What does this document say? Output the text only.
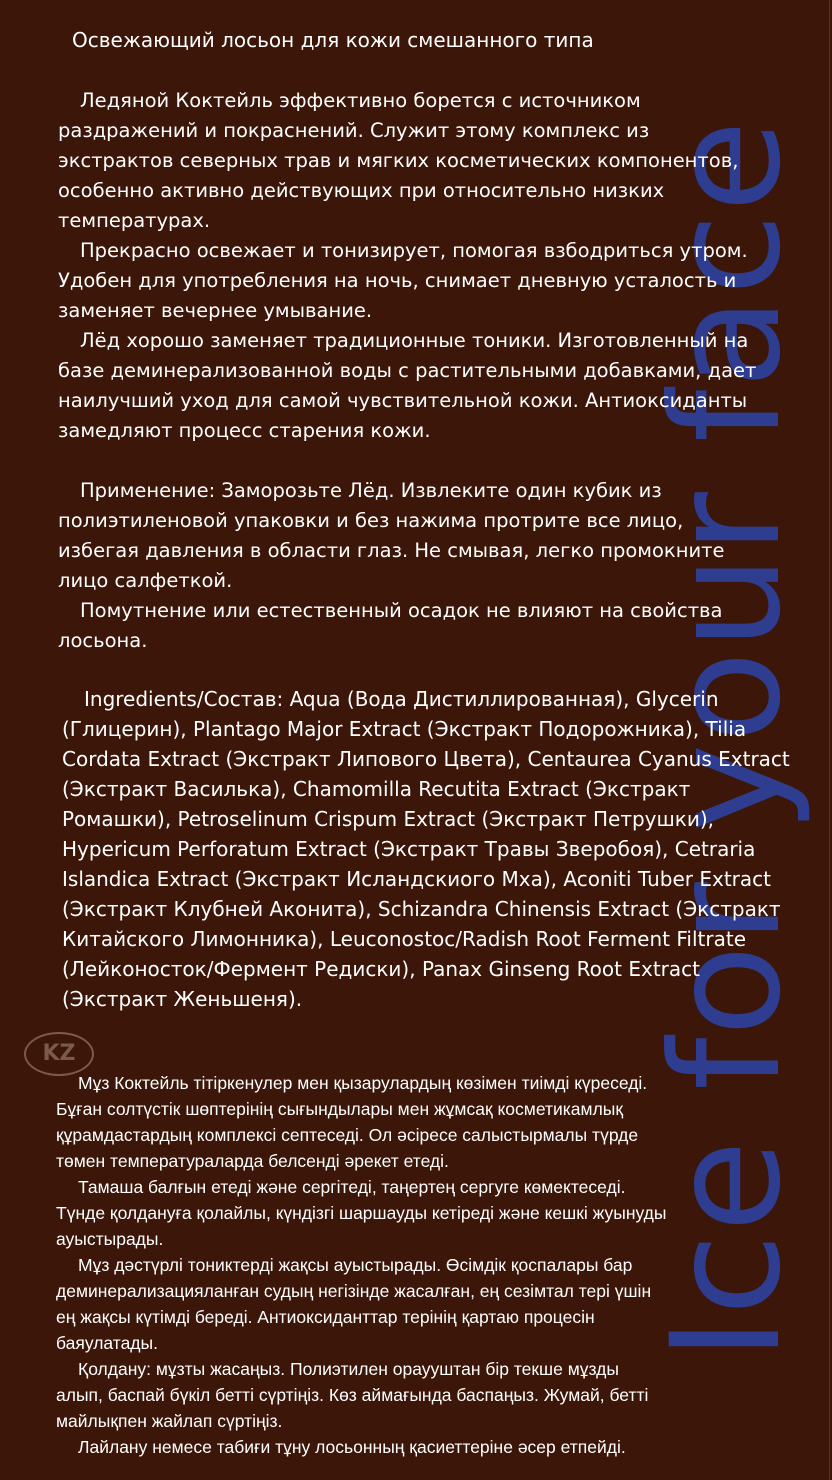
Ice for your face
Освежающий лосьон для кожи смешанного типа
Ледяной Коктейль эффективно борется с источником
раздражений и покраснений. Служит этому комплекс из
экстрактов северных трав и мягких косметических компонентов,
особенно активно действующих при относительно низких
температурах.
Прекрасно освежает и тонизирует, помогая взбодриться утром.
Удобен для употребления на ночь, снимает дневную усталость и
заменяет вечернее умывание.
Лёд хорошо заменяет традиционные тоники. Изготовленный на
базе деминерализованной воды с растительными добавками, дает
наилучший уход для самой чувствительной кожи. Антиоксиданты
замедляют процесс старения кожи.
Применение: Заморозьте Лёд. Извлеките один кубик из
полиэтиленовой упаковки и без нажима протрите все лицо,
избегая давления в области глаз. Не смывая, легко промокните
лицо салфеткой.
Помутнение или естественный осадок не влияют на свойства
лосьона.
Ingredients/Состав: Aqua (Вода Дистиллированная), Glycerin
(Глицерин), Plantago Major Extract (Экстракт Подорожника), Tilia
Cordata Extract (Экстракт Липового Цвета), Centaurea Cyanus Extract
(Экстракт Василька), Chamomilla Recutita Extract (Экстракт
Ромашки), Petroselinum Crispum Extract (Экстракт Петрушки),
Hypericum Perforatum Extract (Экстракт Травы Зверобоя), Cetraria
Islandica Extract (Экстракт Исландскиого Мха), Aconiti Tuber Extract
(Экстракт Клубней Аконита), Schizandra Chinensis Extract (Экстракт
Китайского Лимонника), Leuconostoc/Radish Root Ferment Filtrate
(Лейконосток/Фермент Редиски), Panax Ginseng Root Extract
(Экстракт Женьшеня).
KZ
Мұз Коктейль тітіркенулер мен қызарулардың көзімен тиімді күреседі.
Бұған солтүстік шөптерінің сығындылары мен жұмсақ косметикамлық
құрамдастардың комплексі септеседі. Ол әсіресе салыстырмалы түрде
төмен температураларда белсенді әрекет етеді.
Тамаша балғын етеді және сергітеді, таңертең сергуге көмектеседі.
Түнде қолдануға қолайлы, күндізгі шаршауды кетіреді және кешкі жуынуды
ауыстырады.
Мұз дәстүрлі тониктерді жақсы ауыстырады. Өсімдік қоспалары бар
деминерализацияланған судың негізінде жасалған, ең сезімтал тері үшін
ең жақсы күтімді береді. Антиоксиданттар терінің қартаю процесін
баяулатады.
Қолдану: мұзты жасаңыз. Полиэтилен ораууштан бір текше мұзды
алып, баспай бүкіл бетті сүртіңіз. Көз аймағында баспаңыз. Жумай, бетті
майлықпен жайлап сүртіңіз.
Лайлану немесе табиғи тұну лосьонның қасиеттеріне әсер етпейді.
